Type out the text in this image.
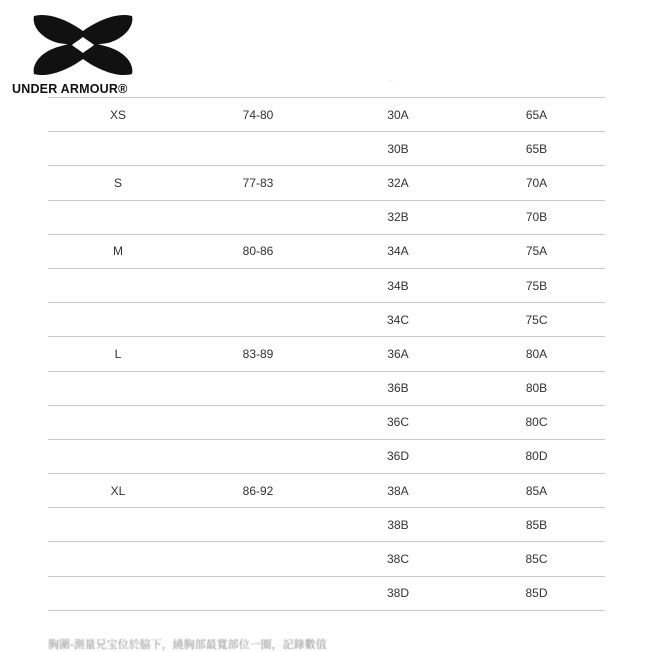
UNDER ARMOUR®
··
XS	74-80	30A	65A
		30B	65B
S	77-83	32A	70A
		32B	70B
M	80-86	34A	75A
		34B	75B
		34C	75C
L	83-89	36A	80A
		36B	80B
		36C	80C
		36D	80D
XL	86-92	38A	85A
		38B	85B
		38C	85C
		38D	85D
胸圍-測量兄宝位於脇下，繞胸部最寬部位一圈，記錄數值
